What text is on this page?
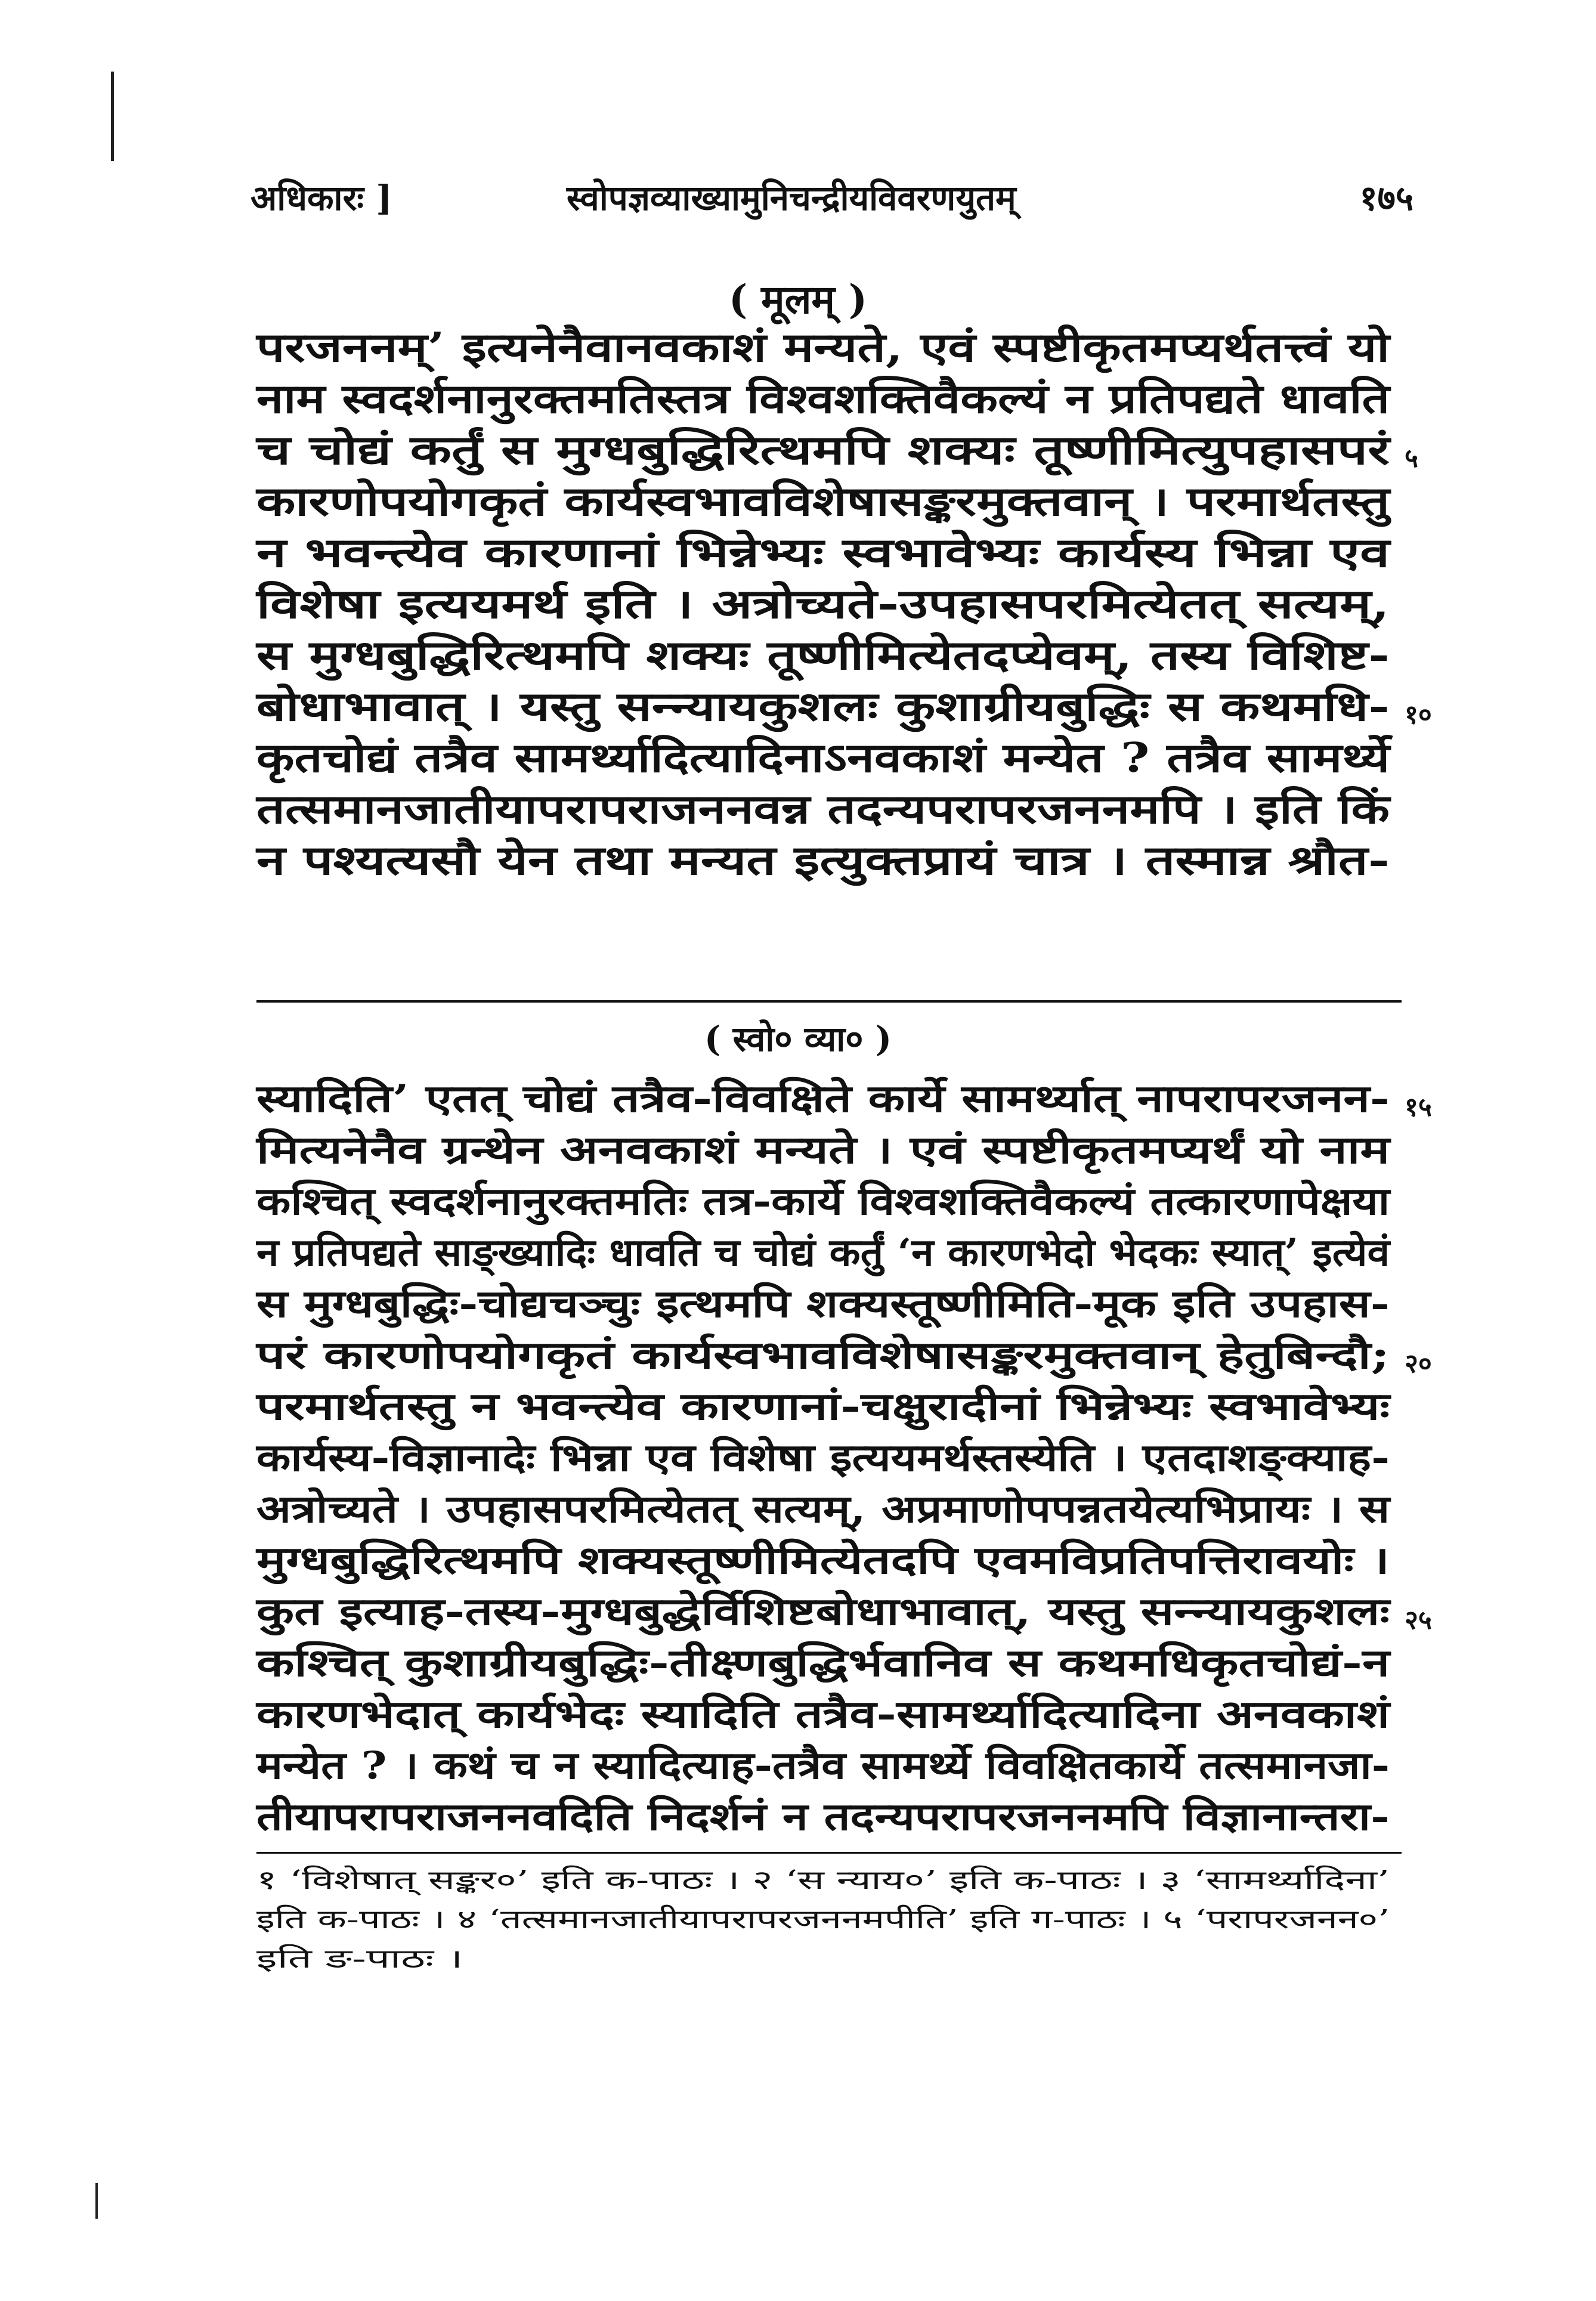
अधिकारः ]	स्वोपज्ञव्याख्यामुनिचन्द्रीयविवरणयुतम्	१७५
( मूलम् )
परजननम्’ इत्यनेनैवानवकाशं मन्यते, एवं स्पष्टीकृतमप्यर्थतत्त्वं यो
नाम स्वदर्शनानुरक्तमतिस्तत्र विश्वशक्तिवैकल्यं न प्रतिपद्यते धावति
च चोद्यं कर्तुं स मुग्धबुद्धिरित्थमपि शक्यः तूष्णीमित्युपहासपरं ५
कारणोपयोगकृतं कार्यस्वभावविशेषासङ्करमुक्तवान् । परमार्थतस्तु
न भवन्त्येव कारणानां भिन्नेभ्यः स्वभावेभ्यः कार्यस्य भिन्ना एव
विशेषा इत्ययमर्थ इति । अत्रोच्यते-उपहासपरमित्येतत् सत्यम्,
स मुग्धबुद्धिरित्थमपि शक्यः तूष्णीमित्येतदप्येवम्, तस्य विशिष्ट-
बोधाभावात् । यस्तु सन्न्यायकुशलः कुशाग्रीयबुद्धिः स कथमधि- १०
कृतचोद्यं तत्रैव सामर्थ्यादित्यादिनाऽनवकाशं मन्येत ? तत्रैव सामर्थ्ये
तत्समानजातीयापरापराजननवन्न तदन्यपरापरजननमपि । इति किं
न पश्यत्यसौ येन तथा मन्यत इत्युक्तप्रायं चात्र । तस्मान्न श्रौत-
( स्वो० व्या० )
स्यादिति’ एतत् चोद्यं तत्रैव-विवक्षिते कार्ये सामर्थ्यात् नापरापरजनन- १५
मित्यनेनैव ग्रन्थेन अनवकाशं मन्यते । एवं स्पष्टीकृतमप्यर्थं यो नाम
कश्चित् स्वदर्शनानुरक्तमतिः तत्र-कार्ये विश्वशक्तिवैकल्यं तत्कारणापेक्षया
न प्रतिपद्यते साङ्ख्यादिः धावति च चोद्यं कर्तुं ‘न कारणभेदो भेदकः स्यात्’ इत्येवं
स मुग्धबुद्धिः-चोद्यचञ्चुः इत्थमपि शक्यस्तूष्णीमिति-मूक इति उपहास-
परं कारणोपयोगकृतं कार्यस्वभावविशेषासङ्करमुक्तवान् हेतुबिन्दौ; २०
परमार्थतस्तु न भवन्त्येव कारणानां-चक्षुरादीनां भिन्नेभ्यः स्वभावेभ्यः
कार्यस्य-विज्ञानादेः भिन्ना एव विशेषा इत्ययमर्थस्तस्येति । एतदाशङ्क्याह-
अत्रोच्यते । उपहासपरमित्येतत् सत्यम्, अप्रमाणोपपन्नतयेत्यभिप्रायः । स
मुग्धबुद्धिरित्थमपि शक्यस्तूष्णीमित्येतदपि एवमविप्रतिपत्तिरावयोः ।
कुत इत्याह-तस्य-मुग्धबुद्धेर्विशिष्टबोधाभावात्, यस्तु सन्न्यायकुशलः २५
कश्चित् कुशाग्रीयबुद्धिः-तीक्ष्णबुद्धिर्भवानिव स कथमधिकृतचोद्यं-न
कारणभेदात् कार्यभेदः स्यादिति तत्रैव-सामर्थ्यादित्यादिना अनवकाशं
मन्येत ? । कथं च न स्यादित्याह-तत्रैव सामर्थ्ये विवक्षितकार्ये तत्समानजा-
तीयापरापराजननवदिति निदर्शनं न तदन्यपरापरजननमपि विज्ञानान्तरा-
१ ‘विशेषात् सङ्कर०’ इति क-पाठः । २ ‘स न्याय०’ इति क-पाठः । ३ ‘सामर्थ्यादिना’
इति क-पाठः । ४ ‘तत्समानजातीयापरापरजननमपीति’ इति ग-पाठः । ५ ‘परापरजनन०’
इति ङ-पाठः ।
